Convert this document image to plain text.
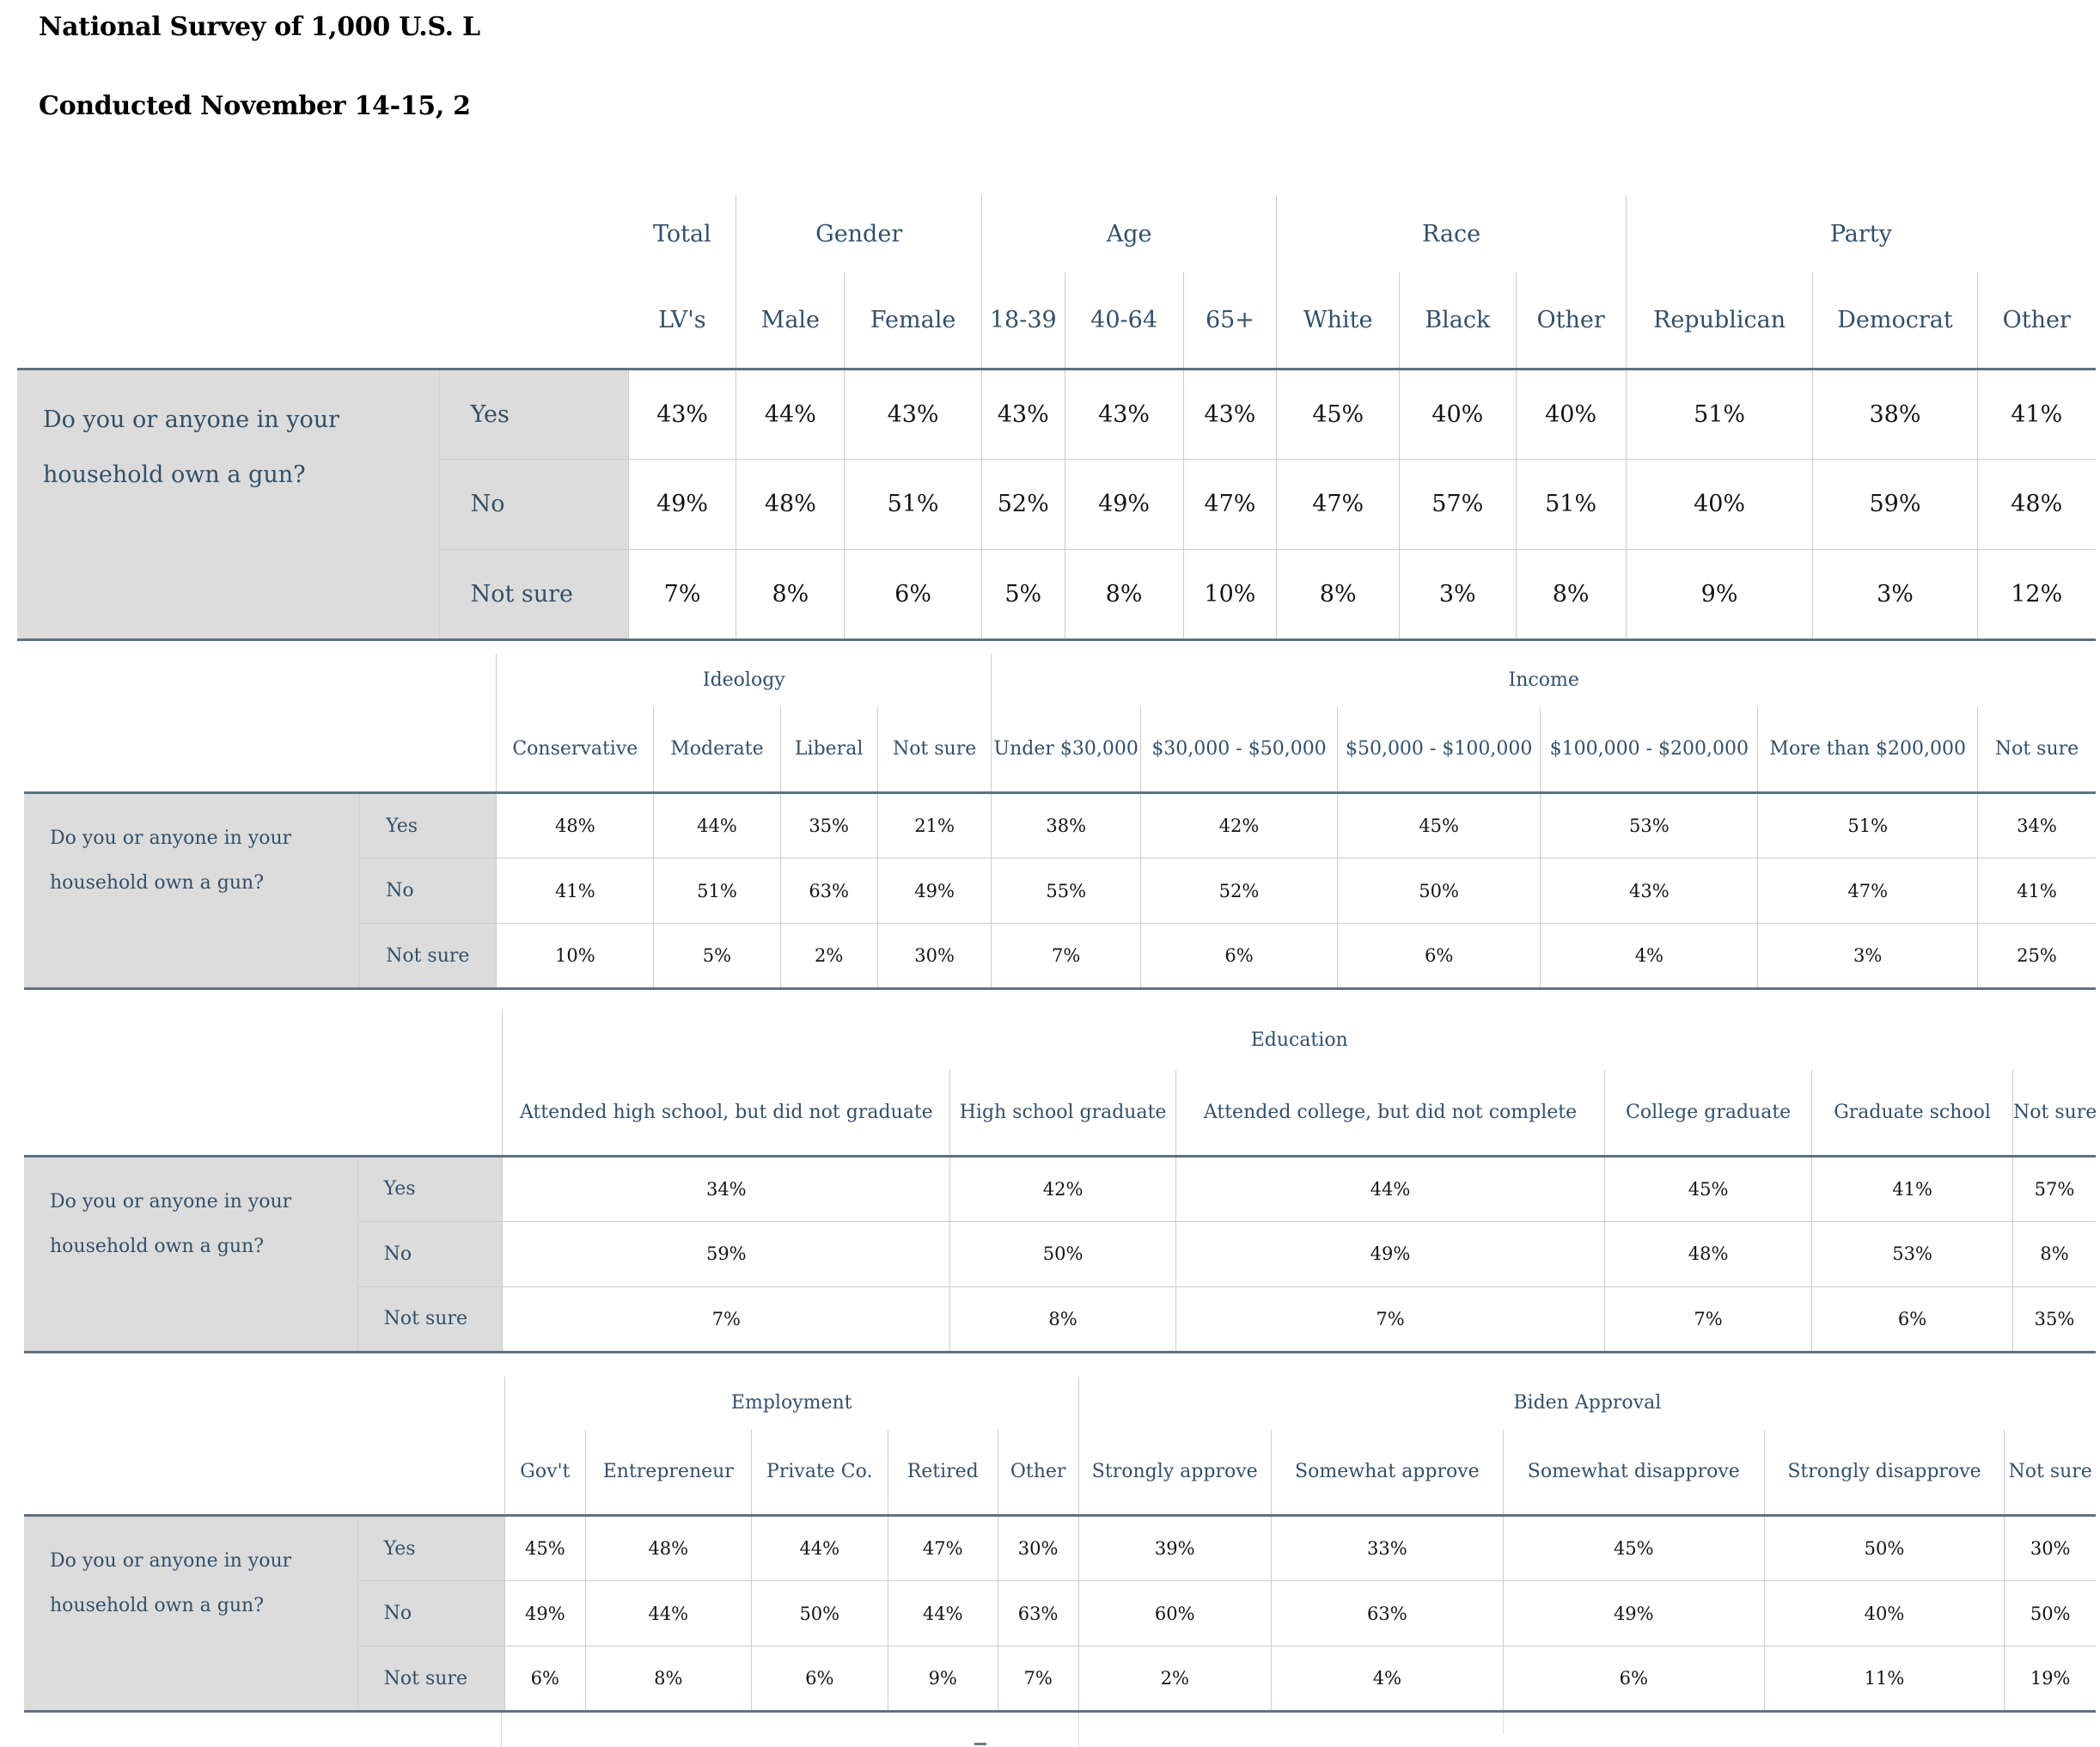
National Survey of 1,000 U.S. L
Conducted November 14-15, 2
		Total	Gender		Age			Race			Party		
		LV's	Male	Female	18-39	40-64	65+	White	Black	Other	Republican	Democrat	Other

Do you or anyone in your
household own a gun?	Yes	43%	44%	43%	43%	43%	43%	45%	40%	40%	51%	38%	41%
	No	49%	48%	51%	52%	49%	47%	47%	57%	51%	40%	59%	48%
	Not sure	7%	8%	6%	5%	8%	10%	8%	3%	8%	9%	3%	12%
		Ideology				Income					
		Conservative	Moderate	Liberal	Not sure	Under $30,000	$30,000 - $50,000	$50,000 - $100,000	$100,000 - $200,000	More than $200,000	Not sure

Do you or anyone in your
household own a gun?	Yes	48%	44%	35%	21%	38%	42%	45%	53%	51%	34%
	No	41%	51%	63%	49%	55%	52%	50%	43%	47%	41%
	Not sure	10%	5%	2%	30%	7%	6%	6%	4%	3%	25%
		Education					
		Attended high school, but did not graduate	High school graduate	Attended college, but did not complete	College graduate	Graduate school	Not sure

Do you or anyone in your
household own a gun?	Yes	34%	42%	44%	45%	41%	57%
	No	59%	50%	49%	48%	53%	8%
	Not sure	7%	8%	7%	7%	6%	35%
		Employment					Biden Approval				
		Gov't	Entrepreneur	Private Co.	Retired	Other	Strongly approve	Somewhat approve	Somewhat disapprove	Strongly disapprove	Not sure

Do you or anyone in your
household own a gun?	Yes	45%	48%	44%	47%	30%	39%	33%	45%	50%	30%
	No	49%	44%	50%	44%	63%	60%	63%	49%	40%	50%
	Not sure	6%	8%	6%	9%	7%	2%	4%	6%	11%	19%
